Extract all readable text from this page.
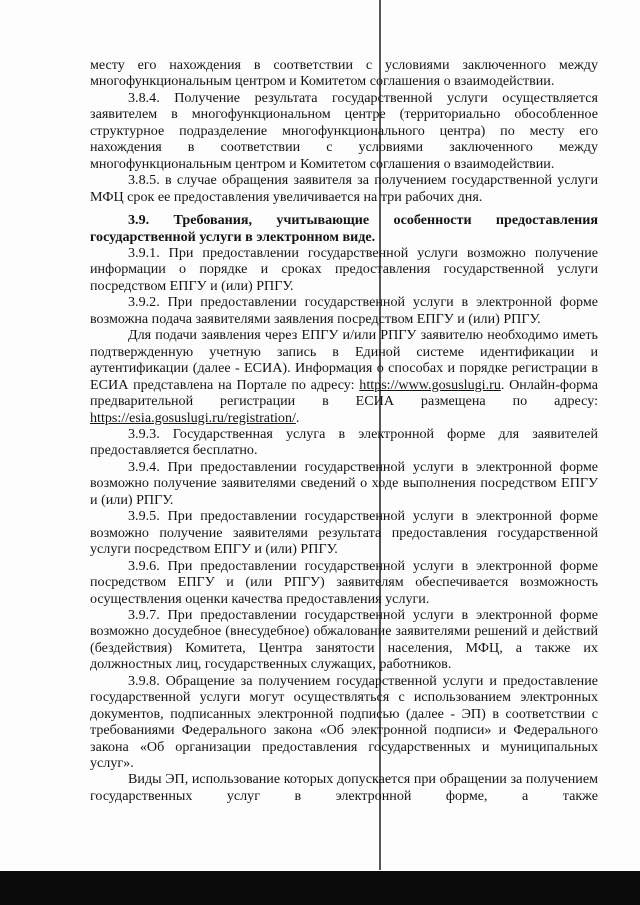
месту его нахождения в соответствии с условиями заключенного между многофункциональным центром и Комитетом соглашения о взаимодействии.

3.8.4. Получение результата государственной услуги осуществляется заявителем в многофункциональном центре (территориально обособленное структурное подразделение многофункционального центра) по месту его нахождения в соответствии с условиями заключенного между многофункциональным центром и Комитетом соглашения о взаимодействии.

3.8.5. в случае обращения заявителя за получением государственной услуги МФЦ срок ее предоставления увеличивается на три рабочих дня.

3.9. Требования, учитывающие особенности предоставления государственной услуги в электронном виде.

3.9.1. При предоставлении государственной услуги возможно получение информации о порядке и сроках предоставления государственной услуги посредством ЕПГУ и (или) РПГУ.

3.9.2. При предоставлении государственной услуги в электронной форме возможна подача заявителями заявления посредством ЕПГУ и (или) РПГУ.

Для подачи заявления через ЕПГУ и/или РПГУ заявителю необходимо иметь подтвержденную учетную запись в Единой системе идентификации и аутентификации (далее - ЕСИА). Информация о способах и порядке регистрации в ЕСИА представлена на Портале по адресу: https://www.gosuslugi.ru. Онлайн-форма предварительной регистрации в ЕСИА размещена по адресу: https://esia.gosuslugi.ru/registration/.

3.9.3. Государственная услуга в электронной форме для заявителей предоставляется бесплатно.

3.9.4. При предоставлении государственной услуги в электронной форме возможно получение заявителями сведений о ходе выполнения посредством ЕПГУ и (или) РПГУ.

3.9.5. При предоставлении государственной услуги в электронной форме возможно получение заявителями результата предоставления государственной услуги посредством ЕПГУ и (или) РПГУ.

3.9.6. При предоставлении государственной услуги в электронной форме посредством ЕПГУ и (или РПГУ) заявителям обеспечивается возможность осуществления оценки качества предоставления услуги.

3.9.7. При предоставлении государственной услуги в электронной форме возможно досудебное (внесудебное) обжалование заявителями решений и действий (бездействия) Комитета, Центра занятости населения, МФЦ, а также их должностных лиц, государственных служащих, работников.

3.9.8. Обращение за получением государственной услуги и предоставление государственной услуги могут осуществляться с использованием электронных документов, подписанных электронной подписью (далее - ЭП) в соответствии с требованиями Федерального закона «Об электронной подписи» и Федерального закона «Об организации предоставления государственных и муниципальных услуг».

Виды ЭП, использование которых допускается при обращении за получением государственных услуг в электронной форме, а также
